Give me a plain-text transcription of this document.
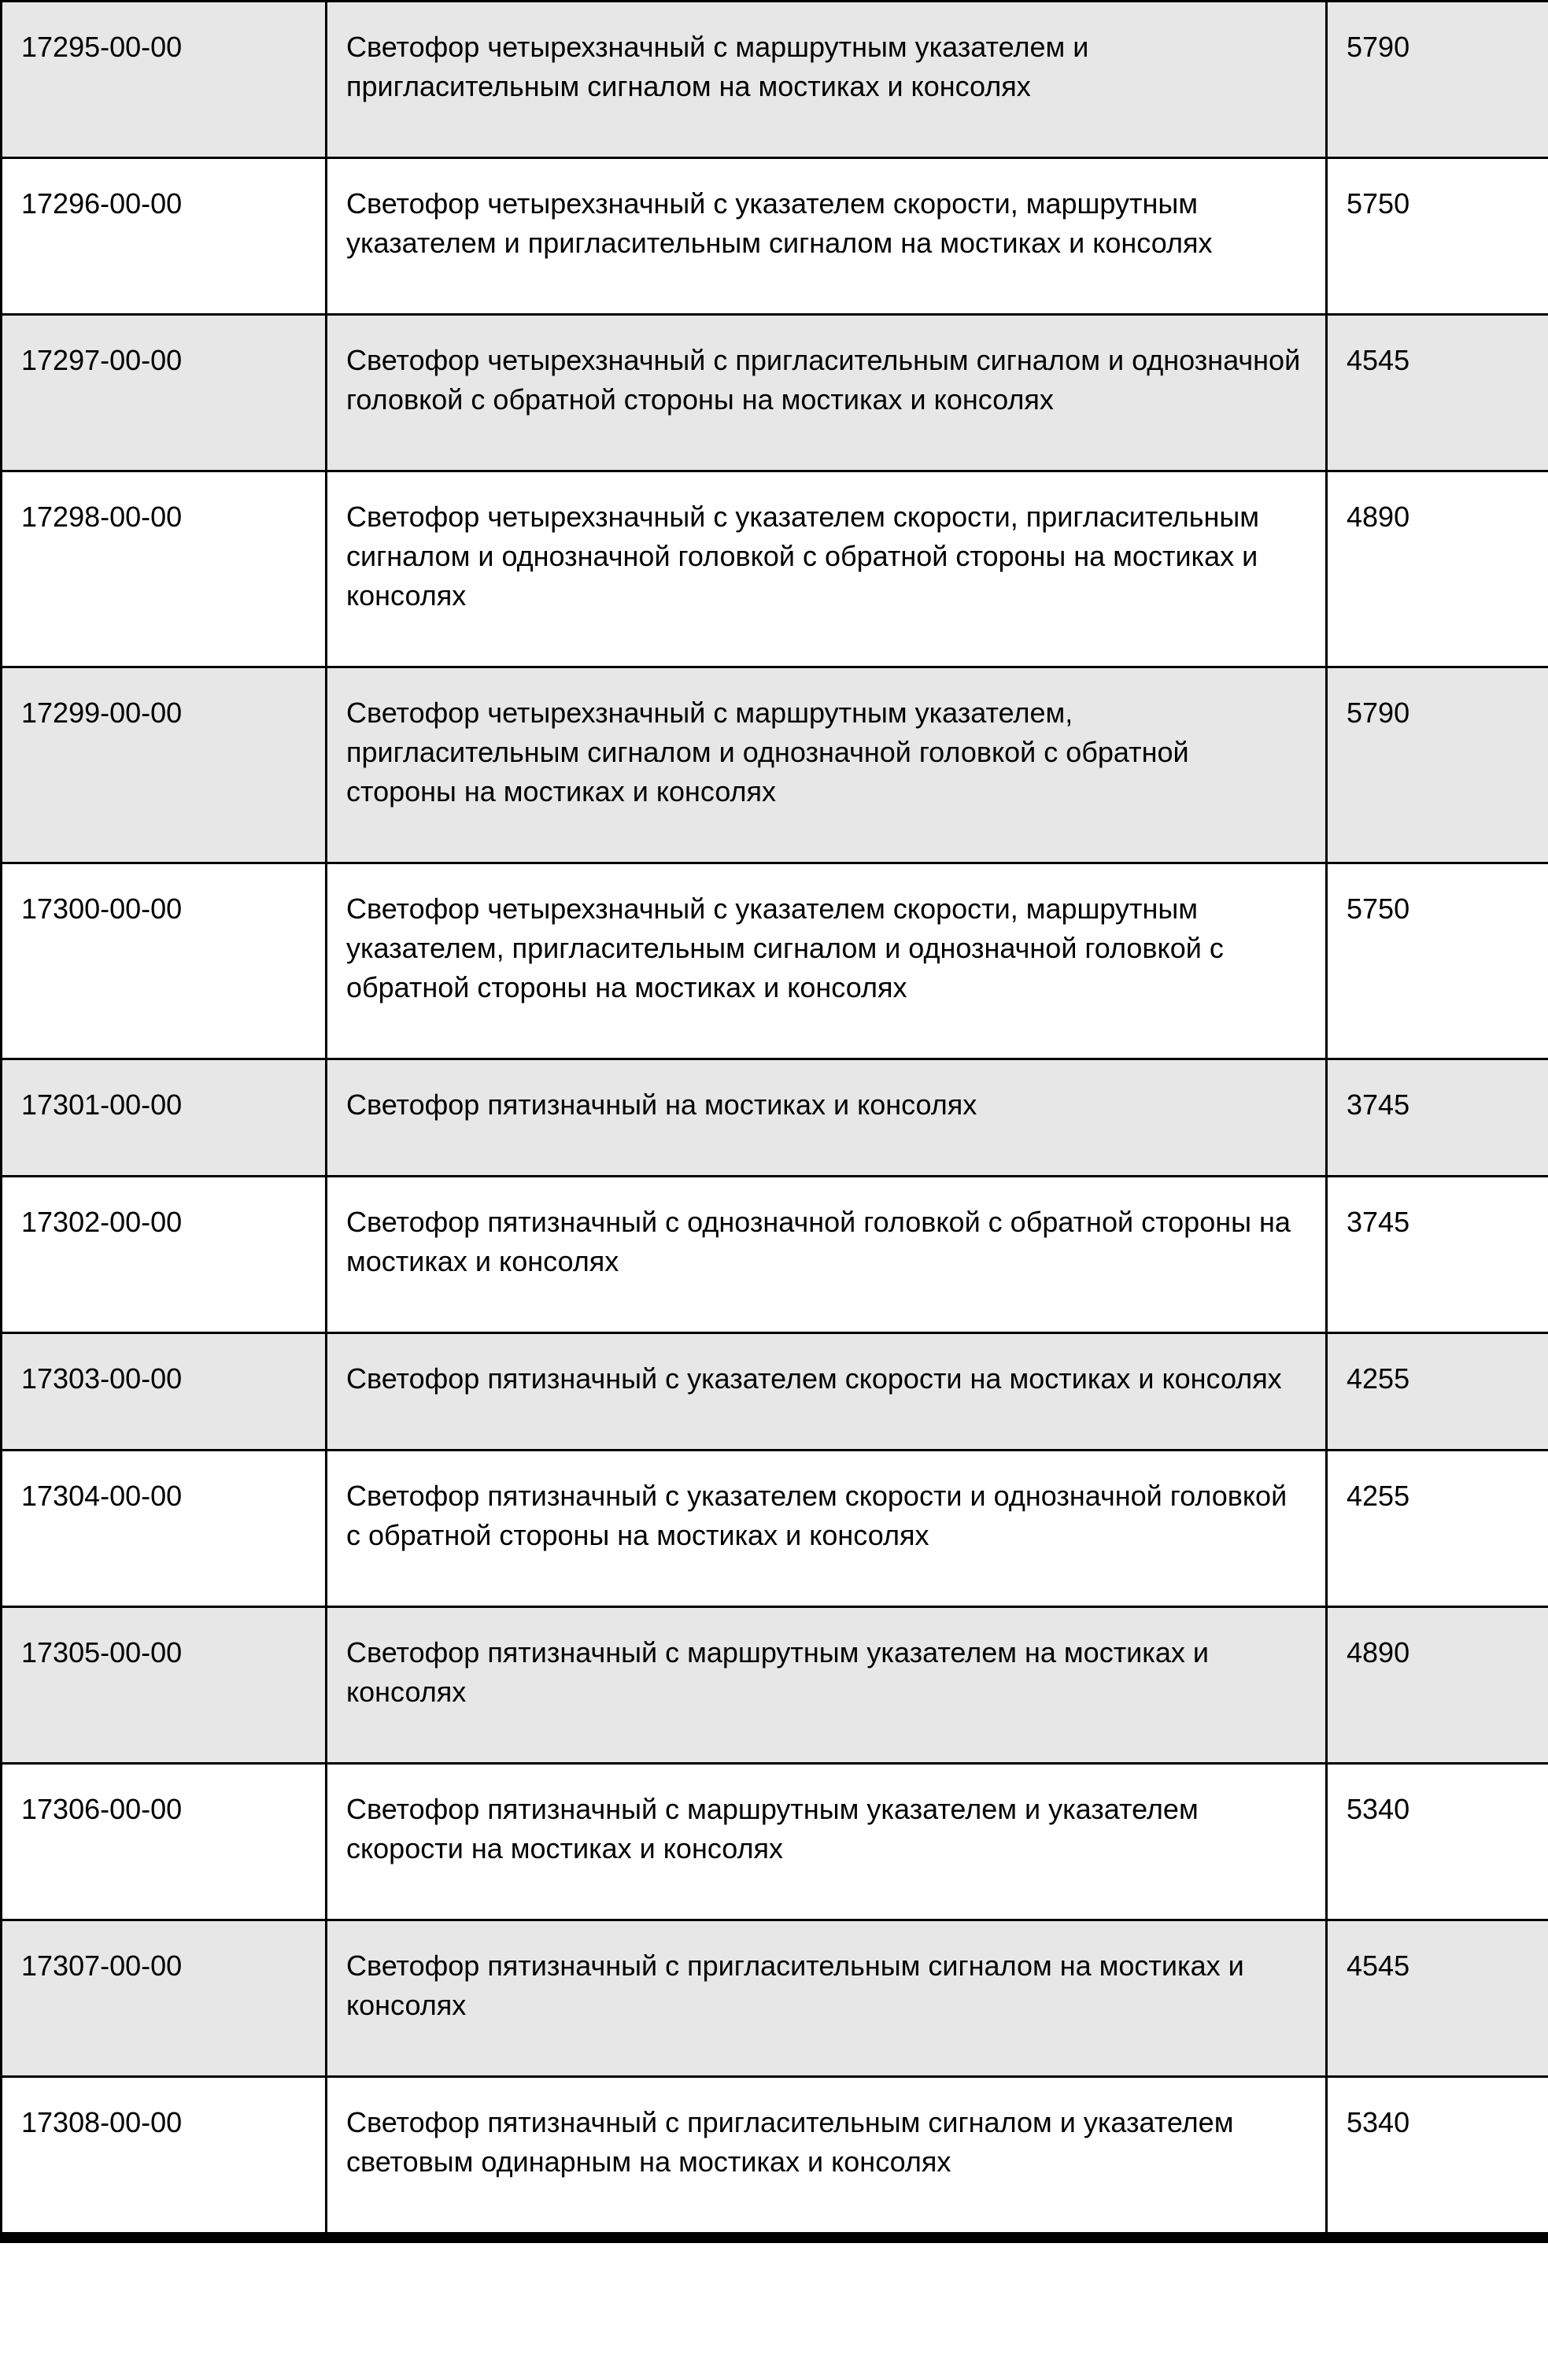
17295-00-00	Светофор четырехзначный с маршрутным указателем и пригласительным сигналом на мостиках и консолях	5790
17296-00-00	Светофор четырехзначный с указателем скорости, маршрутным указателем и пригласительным сигналом на мостиках и консолях	5750
17297-00-00	Светофор четырехзначный с пригласительным сигналом и однозначной головкой с обратной стороны на мостиках и консолях	4545
17298-00-00	Светофор четырехзначный с указателем скорости, пригласительным сигналом и однозначной головкой с обратной стороны на мостиках и консолях	4890
17299-00-00	Светофор четырехзначный с маршрутным указателем, пригласительным сигналом и однозначной головкой с обратной стороны на мостиках и консолях	5790
17300-00-00	Светофор четырехзначный с указателем скорости, маршрутным указателем, пригласительным сигналом и однозначной головкой с обратной стороны на мостиках и консолях	5750
17301-00-00	Светофор пятизначный на мостиках и консолях	3745
17302-00-00	Светофор пятизначный с однозначной головкой с обратной стороны на мостиках и консолях	3745
17303-00-00	Светофор пятизначный с указателем скорости на мостиках и консолях	4255
17304-00-00	Светофор пятизначный с указателем скорости и однозначной головкой с обратной стороны на мостиках и консолях	4255
17305-00-00	Светофор пятизначный с маршрутным указателем на мостиках и консолях	4890
17306-00-00	Светофор пятизначный с маршрутным указателем и указателем скорости на мостиках и консолях	5340
17307-00-00	Светофор пятизначный с пригласительным сигналом на мостиках и консолях	4545
17308-00-00	Светофор пятизначный с пригласительным сигналом и указателем световым одинарным на мостиках и консолях	5340
